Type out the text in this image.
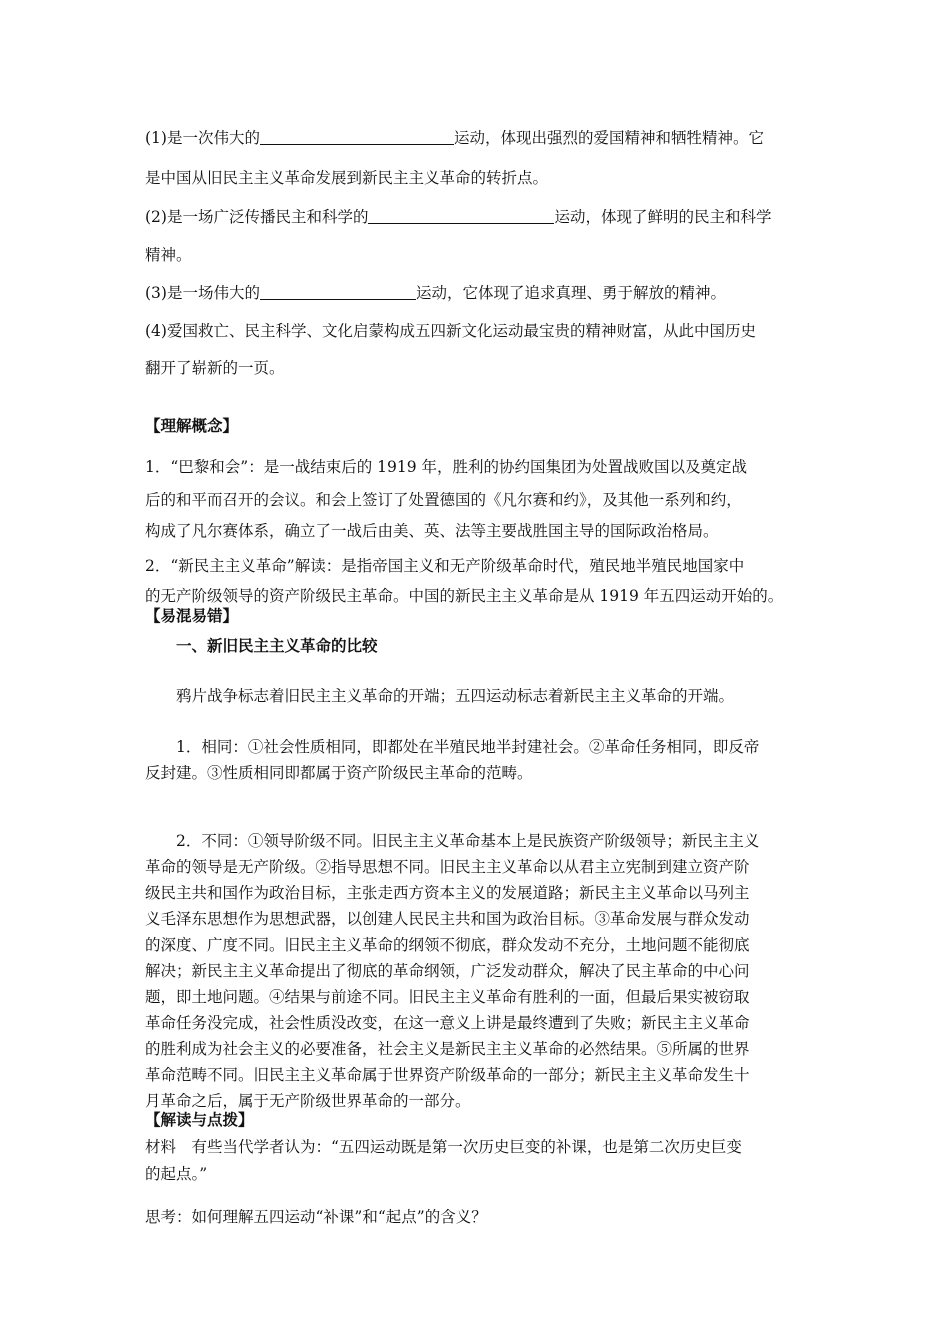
(1)是一次伟大的	运动，体现出强烈的爱国精神和牺牲精神。它
是中国从旧民主主义革命发展到新民主主义革命的转折点。
(2)是一场广泛传播民主和科学的	运动，体现了鲜明的民主和科学
精神。
(3)是一场伟大的	运动，它体现了追求真理、勇于解放的精神。
(4)爱国救亡、民主科学、文化启蒙构成五四新文化运动最宝贵的精神财富，从此中国历史
翻开了崭新的一页。
【理解概念】
1．“巴黎和会”：是一战结束后的 1919 年，胜利的协约国集团为处置战败国以及奠定战
后的和平而召开的会议。和会上签订了处置德国的《凡尔赛和约》，及其他一系列和约，
构成了凡尔赛体系，确立了一战后由美、英、法等主要战胜国主导的国际政治格局。
2．“新民主主义革命”解读：是指帝国主义和无产阶级革命时代，殖民地半殖民地国家中
的无产阶级领导的资产阶级民主革命。中国的新民主主义革命是从 1919 年五四运动开始的。
【易混易错】
一、新旧民主主义革命的比较
鸦片战争标志着旧民主主义革命的开端；五四运动标志着新民主主义革命的开端。
1．相同：①社会性质相同，即都处在半殖民地半封建社会。②革命任务相同，即反帝
反封建。③性质相同即都属于资产阶级民主革命的范畴。
2．不同：①领导阶级不同。旧民主主义革命基本上是民族资产阶级领导；新民主主义
革命的领导是无产阶级。②指导思想不同。旧民主主义革命以从君主立宪制到建立资产阶
级民主共和国作为政治目标，主张走西方资本主义的发展道路；新民主主义革命以马列主
义毛泽东思想作为思想武器，以创建人民民主共和国为政治目标。③革命发展与群众发动
的深度、广度不同。旧民主主义革命的纲领不彻底，群众发动不充分，土地问题不能彻底
解决；新民主主义革命提出了彻底的革命纲领，广泛发动群众，解决了民主革命的中心问
题，即土地问题。④结果与前途不同。旧民主主义革命有胜利的一面，但最后果实被窃取
革命任务没完成，社会性质没改变，在这一意义上讲是最终遭到了失败；新民主主义革命
的胜利成为社会主义的必要准备，社会主义是新民主主义革命的必然结果。⑤所属的世界
革命范畴不同。旧民主主义革命属于世界资产阶级革命的一部分；新民主主义革命发生十
月革命之后，属于无产阶级世界革命的一部分。
【解读与点拨】
材料　有些当代学者认为：“五四运动既是第一次历史巨变的补课，也是第二次历史巨变
的起点。”
思考：如何理解五四运动“补课”和“起点”的含义？
